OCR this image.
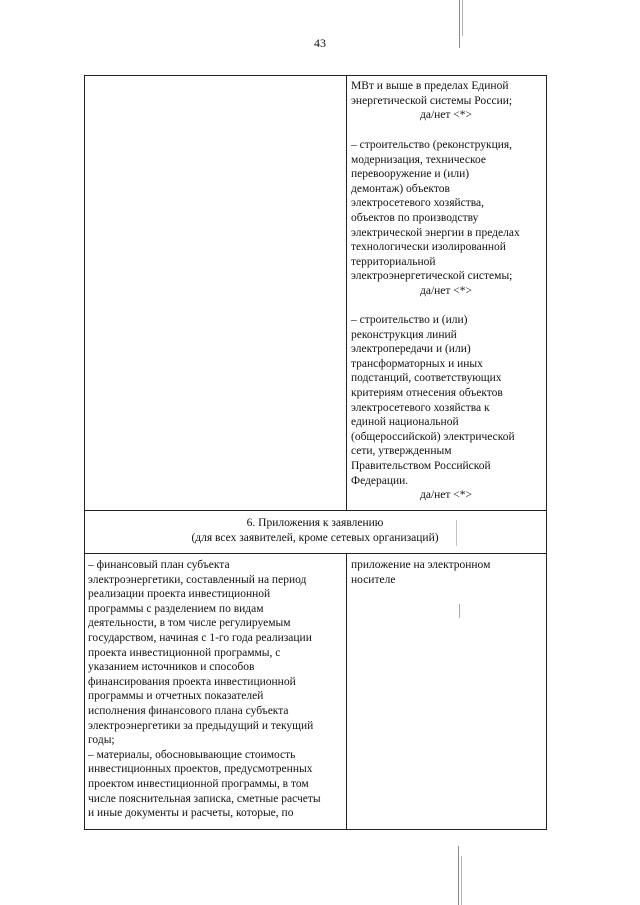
43
МВт и выше в пределах Единой
энергетической системы России;
да/нет <*>
– строительство (реконструкция,
модернизация, техническое
перевооружение и (или)
демонтаж) объектов
электросетевого хозяйства,
объектов по производству
электрической энергии в пределах
технологически изолированной
территориальной
электроэнергетической системы;
да/нет <*>
– строительство и (или)
реконструкция линий
электропередачи и (или)
трансформаторных и иных
подстанций, соответствующих
критериям отнесения объектов
электросетевого хозяйства к
единой национальной
(общероссийской) электрической
сети, утвержденным
Правительством Российской
Федерации.
да/нет <*>
6. Приложения к заявлению
(для всех заявителей, кроме сетевых организаций)
– финансовый план субъекта
электроэнергетики, составленный на период
реализации проекта инвестиционной
программы с разделением по видам
деятельности, в том числе регулируемым
государством, начиная с 1-го года реализации
проекта инвестиционной программы, с
указанием источников и способов
финансирования проекта инвестиционной
программы и отчетных показателей
исполнения финансового плана субъекта
электроэнергетики за предыдущий и текущий
годы;
– материалы, обосновывающие стоимость
инвестиционных проектов, предусмотренных
проектом инвестиционной программы, в том
числе пояснительная записка, сметные расчеты
и иные документы и расчеты, которые, по
приложение на электронном
носителе
